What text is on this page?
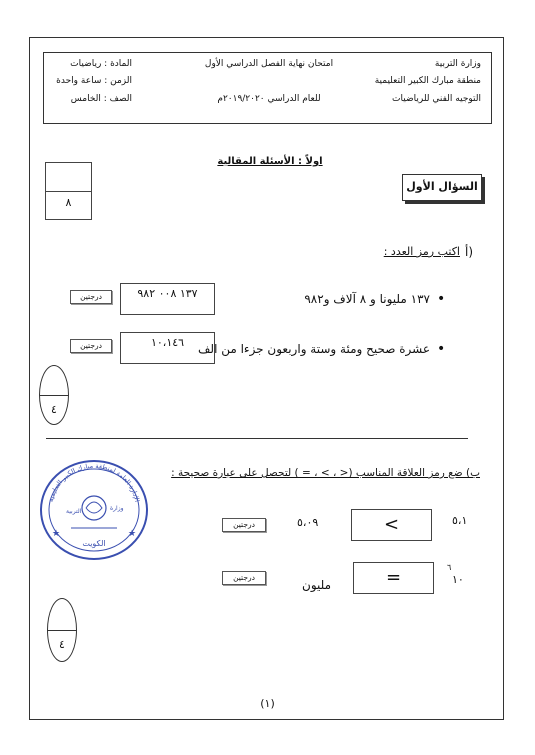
وزارة التربية
منطقة مبارك الكبير التعليمية
التوجيه الفني للرياضيات
امتحان نهاية الفصل الدراسي الأول
للعام الدراسي ٢٠١٩/٢٠٢٠م
المادة : رياضيات
الزمن : ساعة واحدة
الصف : الخامس
اولاً : الأسئلة المقالية
٨
السؤال الأول
أ)
اكتب رمز العدد :
•
١٣٧ مليونا و ٨ آلاف و٩٨٢
١٣٧ ٠٠٨ ٩٨٢
درجتين
•
عشرة صحيح ومئة وستة واربعون جزءا من الف
١٠،١٤٦
درجتين
٤
ب) ضع رمز العلاقة المناسب (< ، > ، = ) لتحصل على عبارة صحيحة :
٥،١
<
٥،٠٩
درجتين
٦
١٠
=
مليون
درجتين
٤
الإدارة العامة لمنطقة مبارك الكبير التعليمية
التربية	وزارة
الكويت
★	★
(١)
